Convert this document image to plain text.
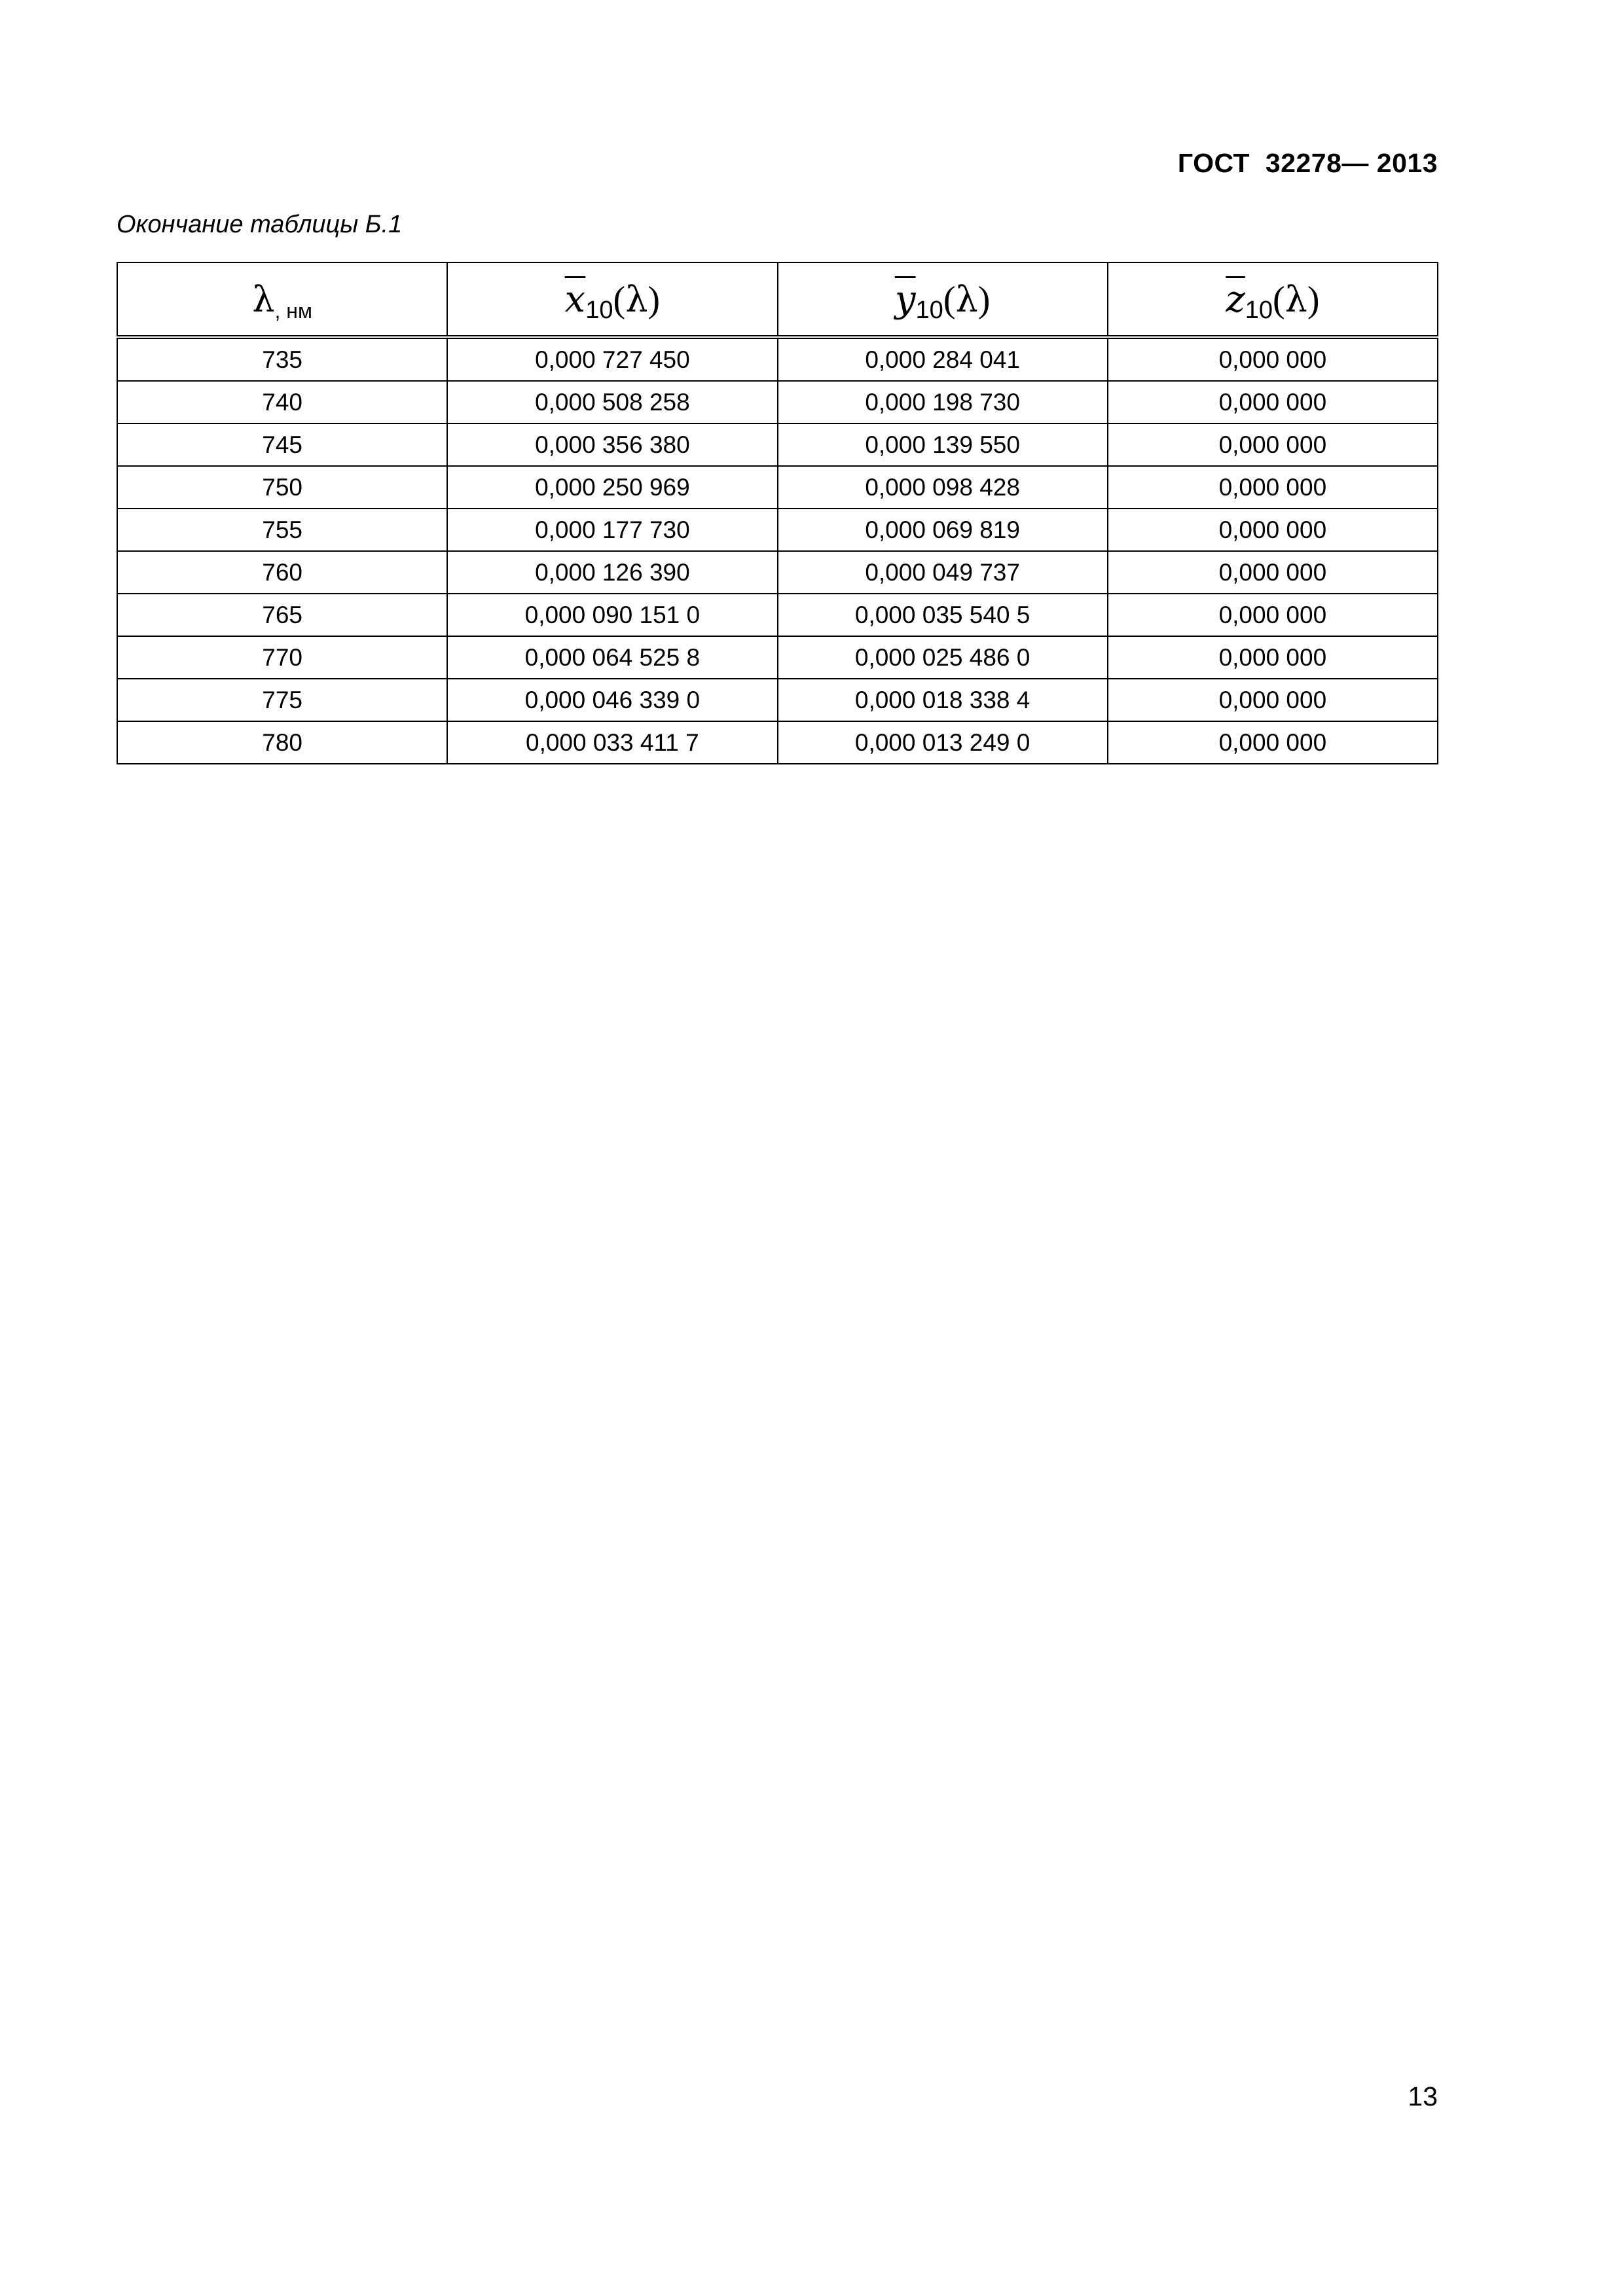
ГОСТ  32278— 2013
Окончание таблицы Б.1
λ, нм	$\overline{x}10(\lambda)$	$\overline{y}10(\lambda)$	$\overline{z}10(\lambda)$
735	0,000 727 450	0,000 284 041	0,000 000
740	0,000 508 258	0,000 198 730	0,000 000
745	0,000 356 380	0,000 139 550	0,000 000
750	0,000 250 969	0,000 098 428	0,000 000
755	0,000 177 730	0,000 069 819	0,000 000
760	0,000 126 390	0,000 049 737	0,000 000
765	0,000 090 151 0	0,000 035 540 5	0,000 000
770	0,000 064 525 8	0,000 025 486 0	0,000 000
775	0,000 046 339 0	0,000 018 338 4	0,000 000
780	0,000 033 411 7	0,000 013 249 0	0,000 000
13
